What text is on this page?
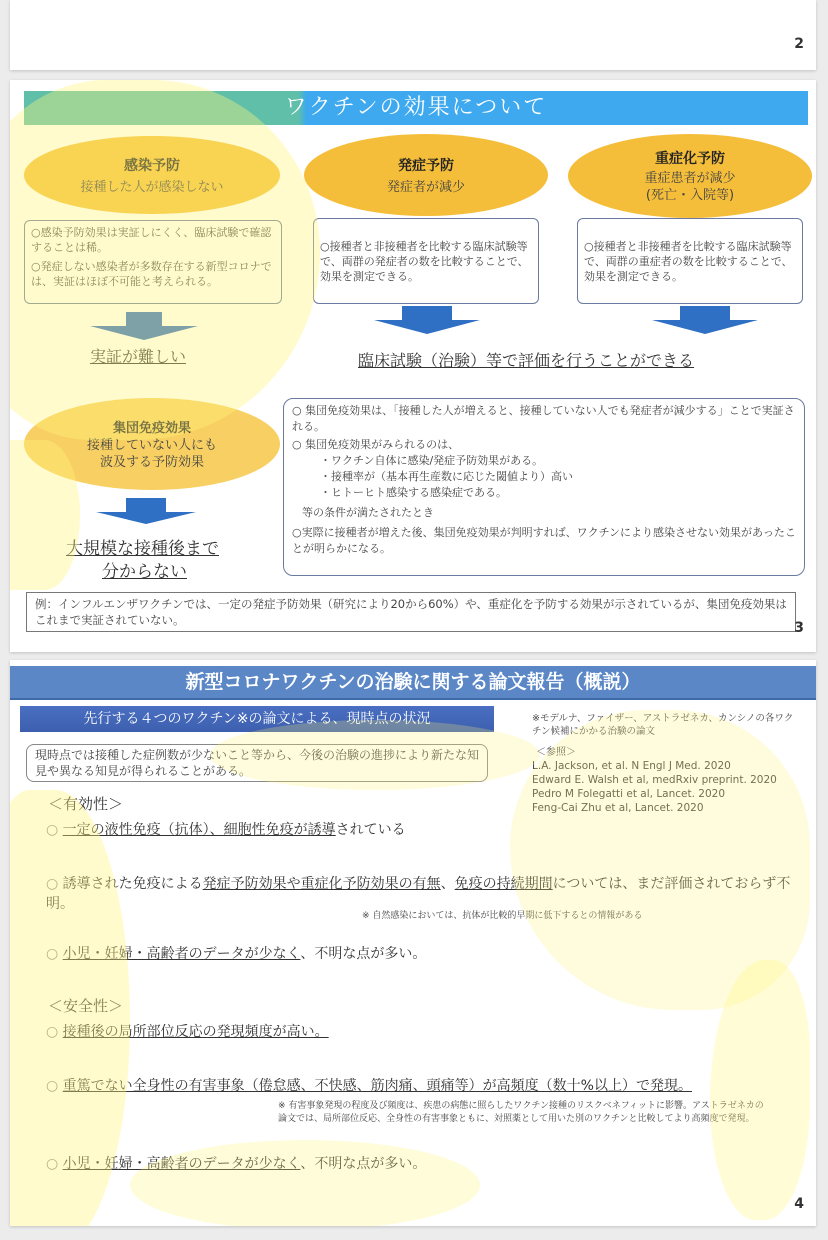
2
ワクチンの効果について
感染予防
接種した人が感染しない
発症予防
発症者が減少
重症化予防
重症患者が減少
(死亡・入院等)

○感染予防効果は実証しにくく、臨床試験で確認することは稀。

○発症しない感染者が多数存在する新型コロナでは、実証はほぼ不可能と考えられる。

○接種者と非接種者を比較する臨床試験等で、両群の発症者の数を比較することで、効果を測定できる。

○接種者と非接種者を比較する臨床試験等で、両群の重症者の数を比較することで、効果を測定できる。

実証が難しい	臨床試験（治験）等で評価を行うことができる
集団免疫効果
接種していない人にも
波及する予防効果
大規模な接種後まで
分からない

○ 集団免疫効果は、「接種した人が増えると、接種していない人でも発症者が減少する」ことで実証される。

○ 集団免疫効果がみられるのは、

・ワクチン自体に感染/発症予防効果がある。

・接種率が（基本再生産数に応じた閾値より）高い

・ヒトーヒト感染する感染症である。

等の条件が満たされたとき

○実際に接種者が増えた後、集団免疫効果が判明すれば、ワクチンにより感染させない効果があったことが明らかになる。

例：インフルエンザワクチンでは、一定の発症予防効果（研究により20から60%）や、重症化を予防する効果が示されているが、集団免疫効果はこれまで実証されていない。	3
新型コロナワクチンの治験に関する論文報告（概説）
先行する４つのワクチン※の論文による、現時点の状況
現時点では接種した症例数が少ないこと等から、今後の治験の進捗により新たな知見や異なる知見が得られることがある。
※モデルナ、ファイザー、アストラゼネカ、カンシノの各ワクチン候補にかかる治験の論文
＜参照＞
L.A. Jackson, et al. N Engl J Med. 2020
Edward E. Walsh et al, medRxiv preprint. 2020
Pedro M Folegatti et al, Lancet. 2020
Feng-Cai Zhu et al, Lancet. 2020
＜有効性＞
○ 一定の液性免疫（抗体）、細胞性免疫が誘導されている
○ 誘導された免疫による発症予防効果や重症化予防効果の有無、免疫の持続期間については、まだ評価されておらず不明。
※ 自然感染においては、抗体が比較的早期に低下するとの情報がある
○ 小児・妊婦・高齢者のデータが少なく、不明な点が多い。
＜安全性＞
○ 接種後の局所部位反応の発現頻度が高い。
○ 重篤でない全身性の有害事象（倦怠感、不快感、筋肉痛、頭痛等）が高頻度（数十%以上）で発現。
※ 有害事象発現の程度及び頻度は、疾患の病態に照らしたワクチン接種のリスクベネフィットに影響。アストラゼネカの論文では、局所部位反応、全身性の有害事象ともに、対照薬として用いた別のワクチンと比較してより高頻度で発現。
○ 小児・妊婦・高齢者のデータが少なく、不明な点が多い。
4
